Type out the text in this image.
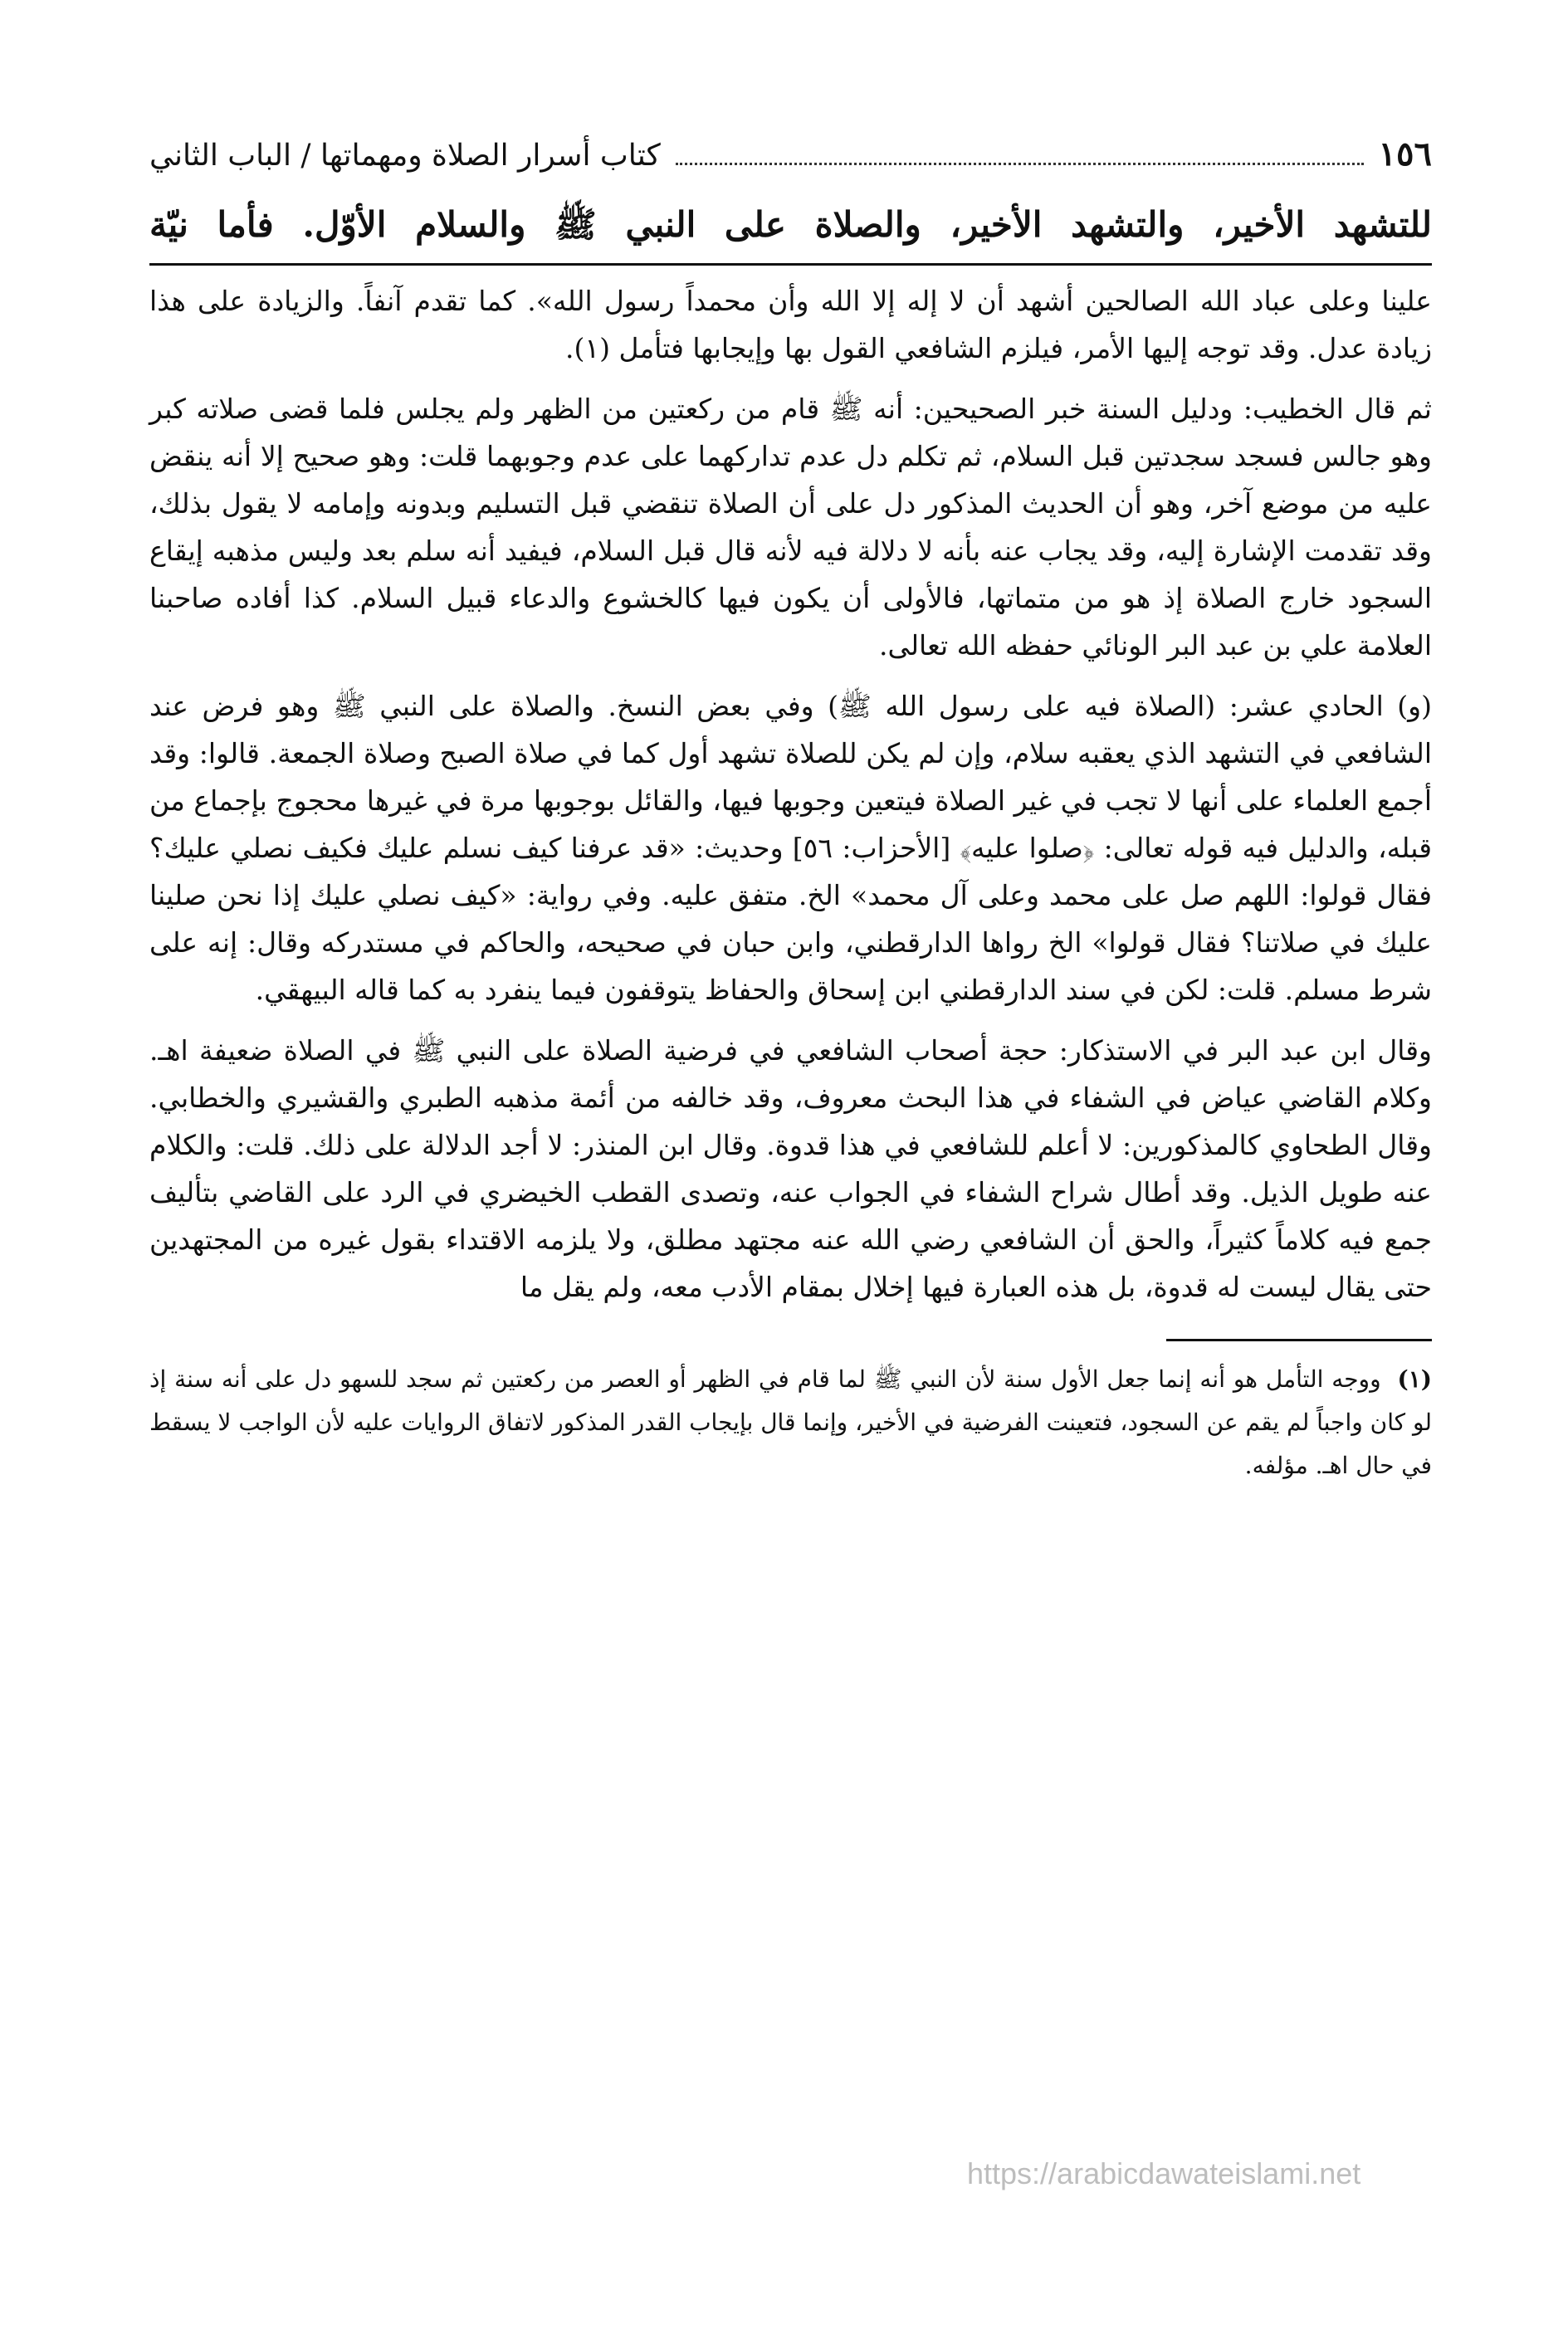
١٥٦
كتاب أسرار الصلاة ومهماتها / الباب الثاني
للتشهد الأخير، والتشهد الأخير، والصلاة على النبي ﷺ والسلام الأوّل. فأما نيّة

علينا وعلى عباد الله الصالحين أشهد أن لا إله إلا الله وأن محمداً رسول الله». كما تقدم آنفاً. والزيادة على هذا زيادة عدل. وقد توجه إليها الأمر، فيلزم الشافعي القول بها وإيجابها فتأمل (١).

ثم قال الخطيب: ودليل السنة خبر الصحيحين: أنه ﷺ قام من ركعتين من الظهر ولم يجلس فلما قضى صلاته كبر وهو جالس فسجد سجدتين قبل السلام، ثم تكلم دل عدم تداركهما على عدم وجوبهما قلت: وهو صحيح إلا أنه ينقض عليه من موضع آخر، وهو أن الحديث المذكور دل على أن الصلاة تنقضي قبل التسليم وبدونه وإمامه لا يقول بذلك، وقد تقدمت الإشارة إليه، وقد يجاب عنه بأنه لا دلالة فيه لأنه قال قبل السلام، فيفيد أنه سلم بعد وليس مذهبه إيقاع السجود خارج الصلاة إذ هو من متماتها، فالأولى أن يكون فيها كالخشوع والدعاء قبيل السلام. كذا أفاده صاحبنا العلامة علي بن عبد البر الونائي حفظه الله تعالى.

(و) الحادي عشر: (الصلاة فيه على رسول الله ﷺ) وفي بعض النسخ. والصلاة على النبي ﷺ وهو فرض عند الشافعي في التشهد الذي يعقبه سلام، وإن لم يكن للصلاة تشهد أول كما في صلاة الصبح وصلاة الجمعة. قالوا: وقد أجمع العلماء على أنها لا تجب في غير الصلاة فيتعين وجوبها فيها، والقائل بوجوبها مرة في غيرها محجوج بإجماع من قبله، والدليل فيه قوله تعالى: ﴿صلوا عليه﴾ [الأحزاب: ٥٦] وحديث: «قد عرفنا كيف نسلم عليك فكيف نصلي عليك؟ فقال قولوا: اللهم صل على محمد وعلى آل محمد» الخ. متفق عليه. وفي رواية: «كيف نصلي عليك إذا نحن صلينا عليك في صلاتنا؟ فقال قولوا» الخ رواها الدارقطني، وابن حبان في صحيحه، والحاكم في مستدركه وقال: إنه على شرط مسلم. قلت: لكن في سند الدارقطني ابن إسحاق والحفاظ يتوقفون فيما ينفرد به كما قاله البيهقي.

وقال ابن عبد البر في الاستذكار: حجة أصحاب الشافعي في فرضية الصلاة على النبي ﷺ في الصلاة ضعيفة اهـ. وكلام القاضي عياض في الشفاء في هذا البحث معروف، وقد خالفه من أئمة مذهبه الطبري والقشيري والخطابي. وقال الطحاوي كالمذكورين: لا أعلم للشافعي في هذا قدوة. وقال ابن المنذر: لا أجد الدلالة على ذلك. قلت: والكلام عنه طويل الذيل. وقد أطال شراح الشفاء في الجواب عنه، وتصدى القطب الخيضري في الرد على القاضي بتأليف جمع فيه كلاماً كثيراً، والحق أن الشافعي رضي الله عنه مجتهد مطلق، ولا يلزمه الاقتداء بقول غيره من المجتهدين حتى يقال ليست له قدوة، بل هذه العبارة فيها إخلال بمقام الأدب معه، ولم يقل ما

(١) ووجه التأمل هو أنه إنما جعل الأول سنة لأن النبي ﷺ لما قام في الظهر أو العصر من ركعتين ثم سجد للسهو دل على أنه سنة إذ لو كان واجباً لم يقم عن السجود، فتعينت الفرضية في الأخير، وإنما قال بإيجاب القدر المذكور لاتفاق الروايات عليه لأن الواجب لا يسقط في حال اهـ. مؤلفه.
https://arabicdawateislami.net
